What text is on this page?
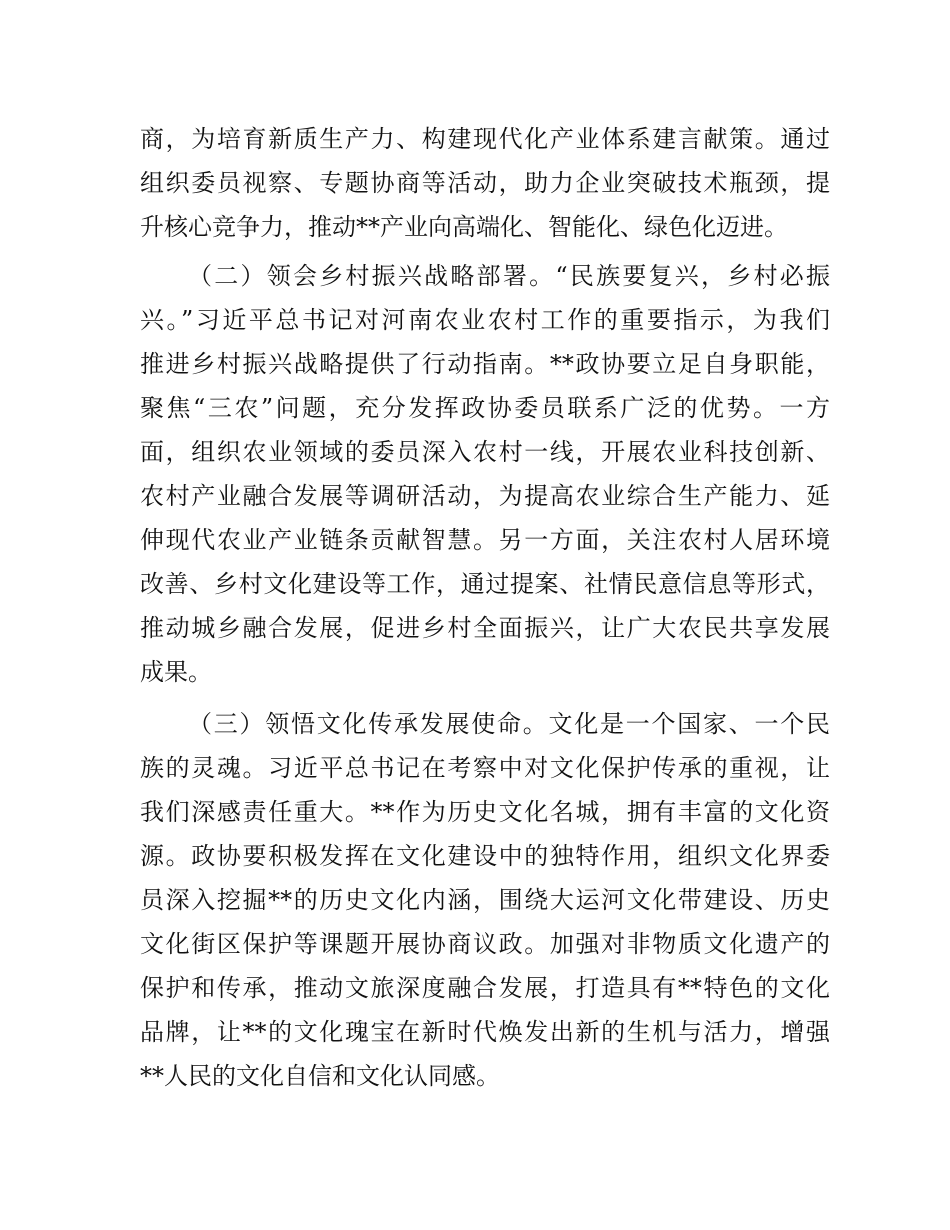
商，为培育新质生产力、构建现代化产业体系建言献策。通过
组织委员视察、专题协商等活动，助力企业突破技术瓶颈，提
升核心竞争力，推动**产业向高端化、智能化、绿色化迈进。
（二）领会乡村振兴战略部署。“民族要复兴，乡村必振
兴。”习近平总书记对河南农业农村工作的重要指示，为我们
推进乡村振兴战略提供了行动指南。**政协要立足自身职能，
聚焦“三农”问题，充分发挥政协委员联系广泛的优势。一方
面，组织农业领域的委员深入农村一线，开展农业科技创新、
农村产业融合发展等调研活动，为提高农业综合生产能力、延
伸现代农业产业链条贡献智慧。另一方面，关注农村人居环境
改善、乡村文化建设等工作，通过提案、社情民意信息等形式，
推动城乡融合发展，促进乡村全面振兴，让广大农民共享发展
成果。
（三）领悟文化传承发展使命。文化是一个国家、一个民
族的灵魂。习近平总书记在考察中对文化保护传承的重视，让
我们深感责任重大。**作为历史文化名城，拥有丰富的文化资
源。政协要积极发挥在文化建设中的独特作用，组织文化界委
员深入挖掘**的历史文化内涵，围绕大运河文化带建设、历史
文化街区保护等课题开展协商议政。加强对非物质文化遗产的
保护和传承，推动文旅深度融合发展，打造具有**特色的文化
品牌，让**的文化瑰宝在新时代焕发出新的生机与活力，增强
**人民的文化自信和文化认同感。
